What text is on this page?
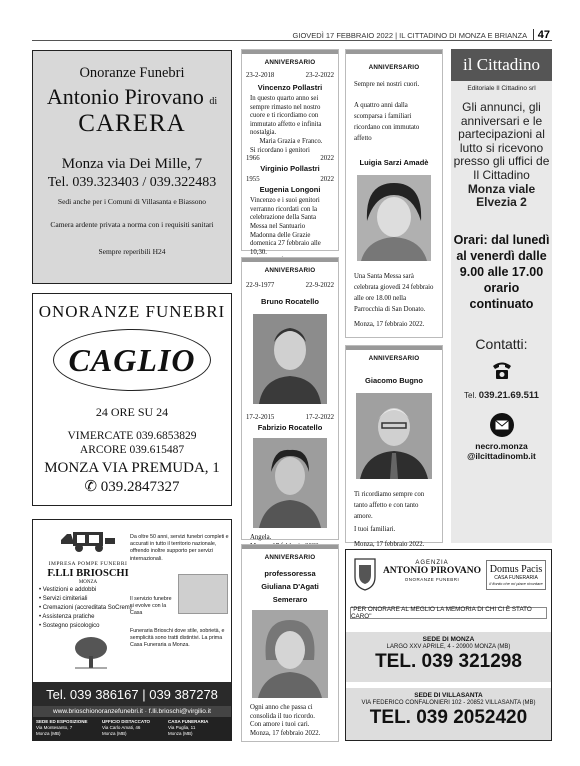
GIOVEDÌ 17 FEBBRAIO 2022 | IL CITTADINO DI MONZA E BRIANZA 47
Onoranze Funebri
Antonio Pirovano di
CARERA
Monza via Dei Mille, 7
Tel. 039.323403 / 039.322483
Sedi anche per i Comuni di Villasanta e Biassono
Camera ardente privata a norma con i requisiti sanitari
Sempre reperibili H24
ONORANZE FUNEBRI
CAGLIO
24 ORE SU 24
VIMERCATE 039.6853829
ARCORE 039.615487
MONZA VIA PREMUDA, 1
✆ 039.2847327
IMPRESA POMPE FUNEBRI
F.LLI BRIOSCHI
MONZA
• Vestizioni e addobbi
• Servizi cimiteriali
• Cremazioni (accreditata SoCrem)
• Assistenza pratiche
• Sostegno psicologico
Da oltre 50 anni, servizi funebri completi e accurati in tutto il territorio nazionale, offrendo inoltre supporto per servizi internazionali.
Il servizio funebre si evolve con la Casa
Funeraria Brioschi dove stile, sobrietà, e semplicità sono tratti distintivi. La prima Casa Funeraria a Monza.
Tel. 039 386167 | 039 387278
www.brioschionoranzefunebri.it · f.lli.brioschi@virgilio.it
SEDE ED ESPOSIZIONE
Via Montesanto, 7
Monza (MB)
UFFICIO DISTACCATO
Via Carlo Amati, 46
Monza (MB)
CASA FUNERARIA
Via Puglia, 11
Monza (MB)
ANNIVERSARIO
23-2-2018	23-2-2022
Vincenzo Pollastri
In questo quarto anno sei sempre rimasto nel nostro cuore e ti ricordiamo con immutato affetto e infinita nostalgia.
Maria Grazia e Franco.
Si ricordano i genitori
1966	2022
Virginio Pollastri
1955	2022
Eugenia Longoni
Vincenzo e i suoi genitori verranno ricordati con la celebrazione della Santa Messa nel Santuario Madonna delle Grazie domenica 27 febbraio alle 10,30.
ANNIVERSARIO
22-9-1977	22-9-2022
Bruno Rocatello
17-2-2015	17-2-2022
Fabrizio Rocatello
Angela.
ANNIVERSARIO
professoressa
Giuliana D'Agati
Semeraro
Ogni anno che passa ci consolida il tuo ricordo.
Con amore i tuoi cari.
Monza, 17 febbraio 2022.
ANNIVERSARIO
Sempre nei nostri cuori.
A quattro anni dalla scomparsa i familiari ricordano con immutato affetto
Luigia Sarzi Amadè
Una Santa Messa sarà celebrata giovedì 24 febbraio alle ore 18.00 nella Parrocchia di San Donato.
Monza, 17 febbraio 2022.
ANNIVERSARIO
Giacomo Bugno
Ti ricordiamo sempre con tanto affetto e con tanto amore.
I tuoi familiari.
Monza, 17 febbraio 2022.
il Cittadino
Editoriale Il Cittadino srl
Gli annunci, gli anniversari e le partecipazioni al lutto si ricevono presso gli uffici de Il Cittadino
Monza viale Elvezia 2
Orari: dal lunedì al venerdì dalle 9.00 alle 17.00 orario continuato
Contatti:
Tel. 039.21.69.511
necro.monza @ilcittadinomb.it
AGENZIA
ANTONIO PIROVANO
ONORANZE FUNEBRI
Domus Pacis
CASA FUNERARIA
Il fiordo che mi piace ricordare
"PER ONORARE AL MEGLIO LA MEMORIA DI CHI CI È STATO CARO"
SEDE DI MONZA
LARGO XXV APRILE, 4 - 20900 MONZA (MB)
TEL. 039 321298
SEDE DI VILLASANTA
VIA FEDERICO CONFALONIERI 102 - 20852 VILLASANTA (MB)
TEL. 039 2052420
